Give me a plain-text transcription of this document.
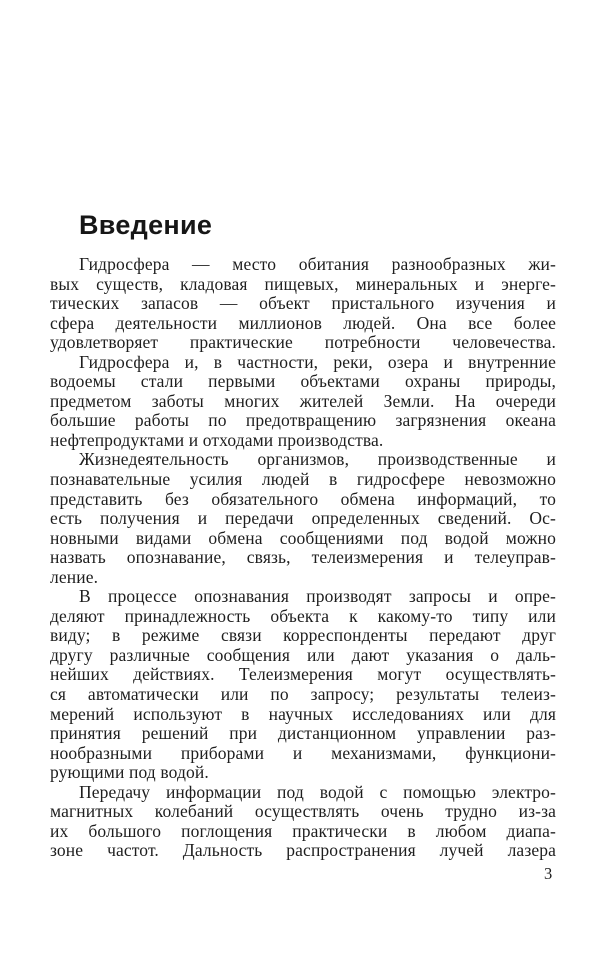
Введение
Гидросфера — место обитания разнообразных жи-
вых существ, кладовая пищевых, минеральных и энерге-
тических запасов — объект пристального изучения и
сфера деятельности миллионов людей. Она все более
удовлетворяет практические потребности человечества.
Гидросфера и, в частности, реки, озера и внутренние
водоемы стали первыми объектами охраны природы,
предметом заботы многих жителей Земли. На очереди
большие работы по предотвращению загрязнения океана
нефтепродуктами и отходами производства.
Жизнедеятельность организмов, производственные и
познавательные усилия людей в гидросфере невозможно
представить без обязательного обмена информаций, то
есть получения и передачи определенных сведений. Ос-
новными видами обмена сообщениями под водой можно
назвать опознавание, связь, телеизмерения и телеуправ-
ление.
В процессе опознавания производят запросы и опре-
деляют принадлежность объекта к какому-то типу или
виду; в режиме связи корреспонденты передают друг
другу различные сообщения или дают указания о даль-
нейших действиях. Телеизмерения могут осуществлять-
ся автоматически или по запросу; результаты телеиз-
мерений используют в научных исследованиях или для
принятия решений при дистанционном управлении раз-
нообразными приборами и механизмами, функциони-
рующими под водой.
Передачу информации под водой с помощью электро-
магнитных колебаний осуществлять очень трудно из-за
их большого поглощения практически в любом диапа-
зоне частот. Дальность распространения лучей лазера
3
